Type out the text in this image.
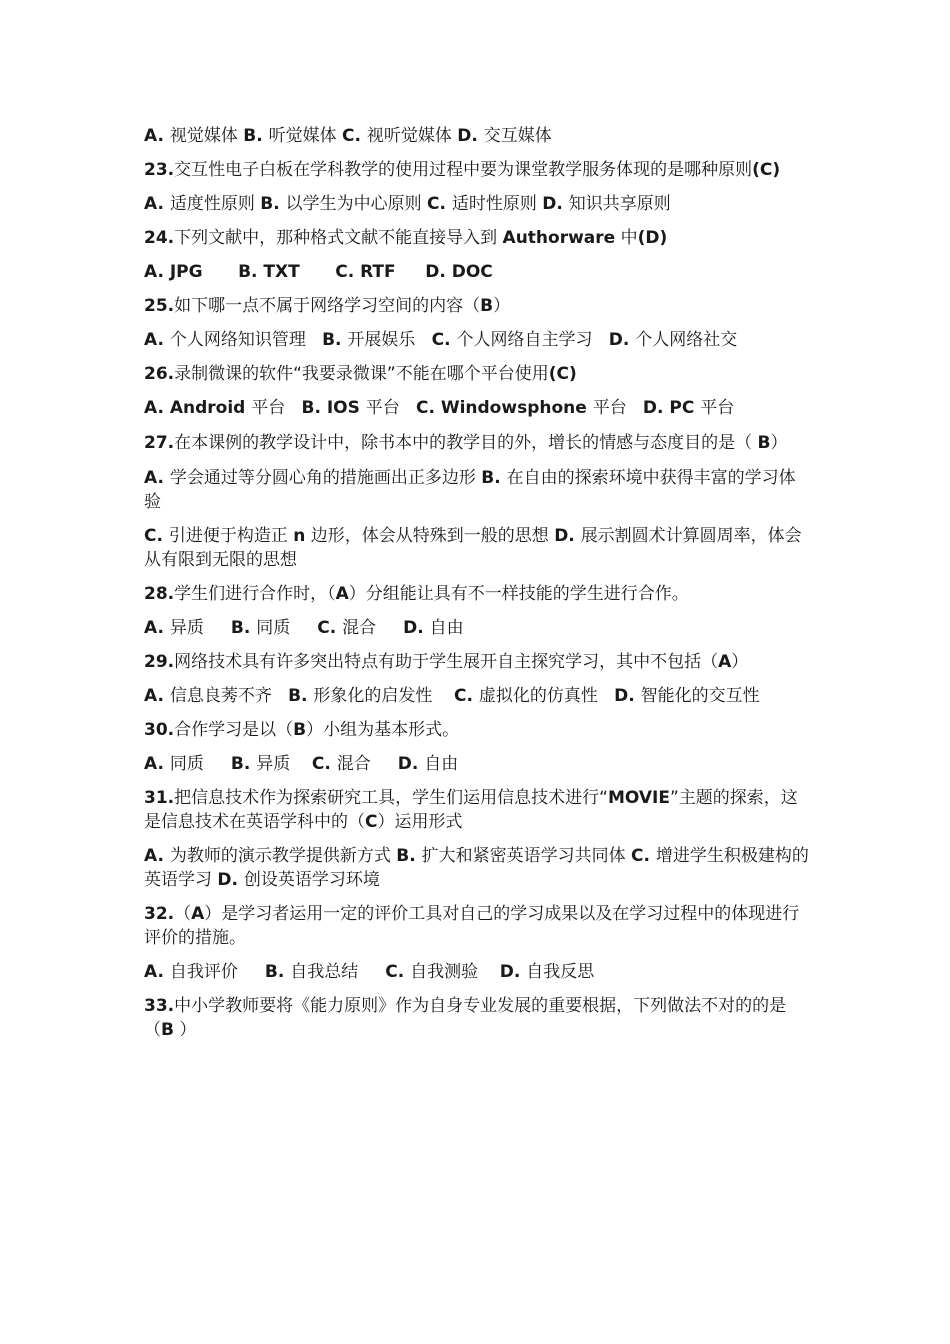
A. 视觉媒体 B. 听觉媒体 C. 视听觉媒体 D. 交互媒体

23.交互性电子白板在学科教学的使用过程中要为课堂教学服务体现的是哪种原则(C)

A. 适度性原则 B. 以学生为中心原则 C. 适时性原则 D. 知识共享原则

24.下列文献中，那种格式文献不能直接导入到 Authorware 中(D)

A. JPG      B. TXT      C. RTF     D. DOC

25.如下哪一点不属于网络学习空间的内容（B）

A. 个人网络知识管理   B. 开展娱乐   C. 个人网络自主学习   D. 个人网络社交

26.录制微课的软件“我要录微课”不能在哪个平台使用(C)

A. Android 平台   B. IOS 平台   C. Windowsphone 平台   D. PC 平台

27.在本课例的教学设计中，除书本中的教学目的外，增长的情感与态度目的是（ B）

A. 学会通过等分圆心角的措施画出正多边形 B. 在自由的探索环境中获得丰富的学习体验

C. 引进便于构造正 n 边形，体会从特殊到一般的思想 D. 展示割圆术计算圆周率，体会从有限到无限的思想

28.学生们进行合作时，（A）分组能让具有不一样技能的学生进行合作。

A. 异质     B. 同质     C. 混合     D. 自由

29.网络技术具有许多突出特点有助于学生展开自主探究学习，其中不包括（A）

A. 信息良莠不齐   B. 形象化的启发性    C. 虚拟化的仿真性   D. 智能化的交互性

30.合作学习是以（B）小组为基本形式。

A. 同质     B. 异质    C. 混合     D. 自由

31.把信息技术作为探索研究工具，学生们运用信息技术进行“MOVIE”主题的探索，这是信息技术在英语学科中的（C）运用形式

A. 为教师的演示教学提供新方式 B. 扩大和紧密英语学习共同体 C. 增进学生积极建构的英语学习 D. 创设英语学习环境

32.（A）是学习者运用一定的评价工具对自己的学习成果以及在学习过程中的体现进行评价的措施。

A. 自我评价     B. 自我总结     C. 自我测验    D. 自我反思

33.中小学教师要将《能力原则》作为自身专业发展的重要根据，下列做法不对的的是（B ）
